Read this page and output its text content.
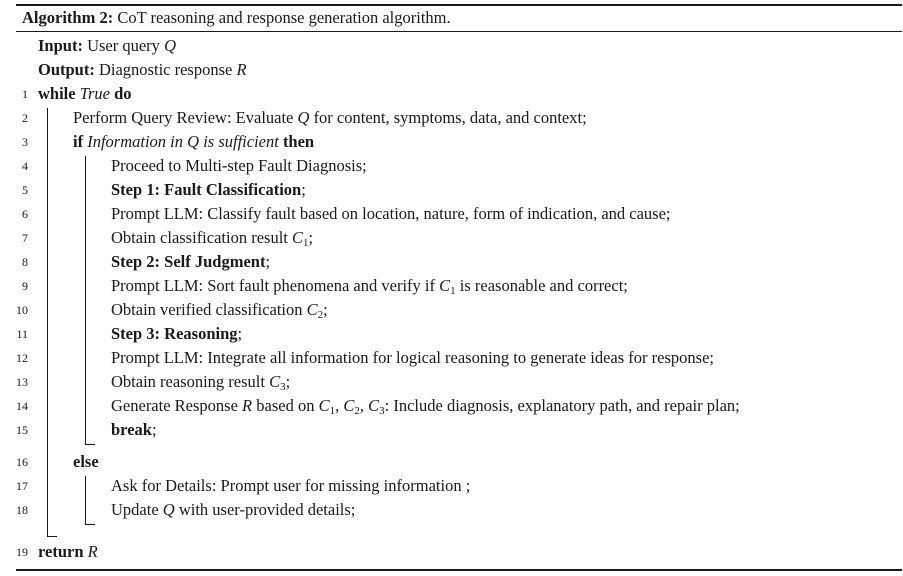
Algorithm 2: CoT reasoning and response generation algorithm.
Input: User query Q
Output: Diagnostic response R
1 while True do
2	Perform Query Review: Evaluate Q for content, symptoms, data, and context;
3	if Information in Q is sufficient then
4	Proceed to Multi-step Fault Diagnosis;
5	Step 1: Fault Classification;
6	Prompt LLM: Classify fault based on location, nature, form of indication, and cause;
7	Obtain classification result $C_1$;
8	Step 2: Self Judgment;
9	Prompt LLM: Sort fault phenomena and verify if $C_1$ is reasonable and correct;
10	Obtain verified classification $C_2$;
11	Step 3: Reasoning;
12	Prompt LLM: Integrate all information for logical reasoning to generate ideas for response;
13	Obtain reasoning result $C_3$;
14	Generate Response R based on $C_1$, $C_2$, $C_3$: Include diagnosis, explanatory path, and repair plan;
15	break;
16	else
17	Ask for Details: Prompt user for missing information ;
18	Update Q with user-provided details;
19 return R
